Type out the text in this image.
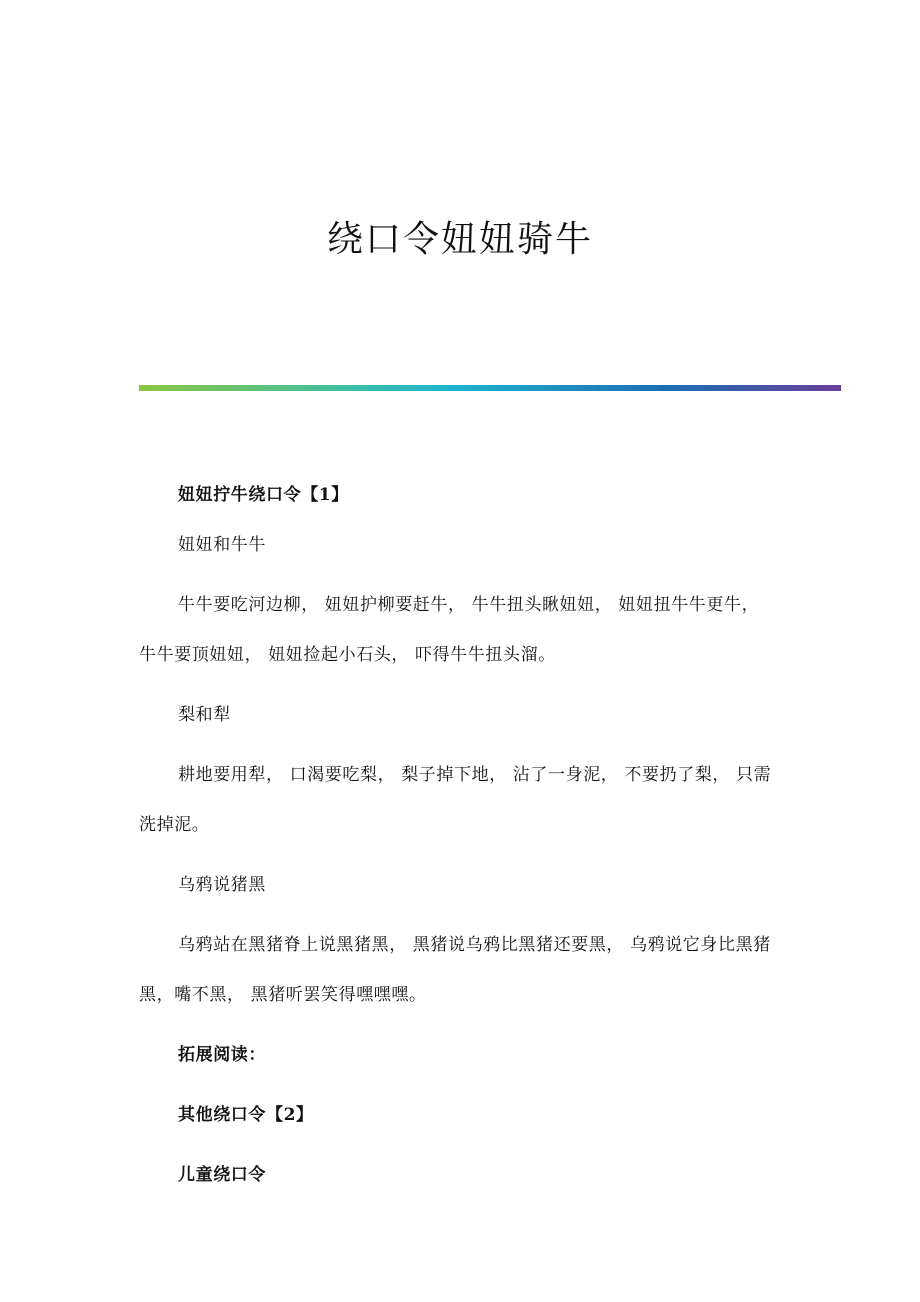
绕口令妞妞骑牛

妞妞拧牛绕口令【1】

妞妞和牛牛

牛牛要吃河边柳， 妞妞护柳要赶牛， 牛牛扭头瞅妞妞， 妞妞扭牛牛更牛， 牛牛要顶妞妞， 妞妞捡起小石头， 吓得牛牛扭头溜。

梨和犁

耕地要用犁， 口渴要吃梨， 梨子掉下地， 沾了一身泥， 不要扔了梨， 只需洗掉泥。

乌鸦说猪黑

乌鸦站在黑猪脊上说黑猪黑， 黑猪说乌鸦比黑猪还要黑， 乌鸦说它身比黑猪黑，嘴不黑， 黑猪听罢笑得嘿嘿嘿。

拓展阅读：

其他绕口令【2】

儿童绕口令
